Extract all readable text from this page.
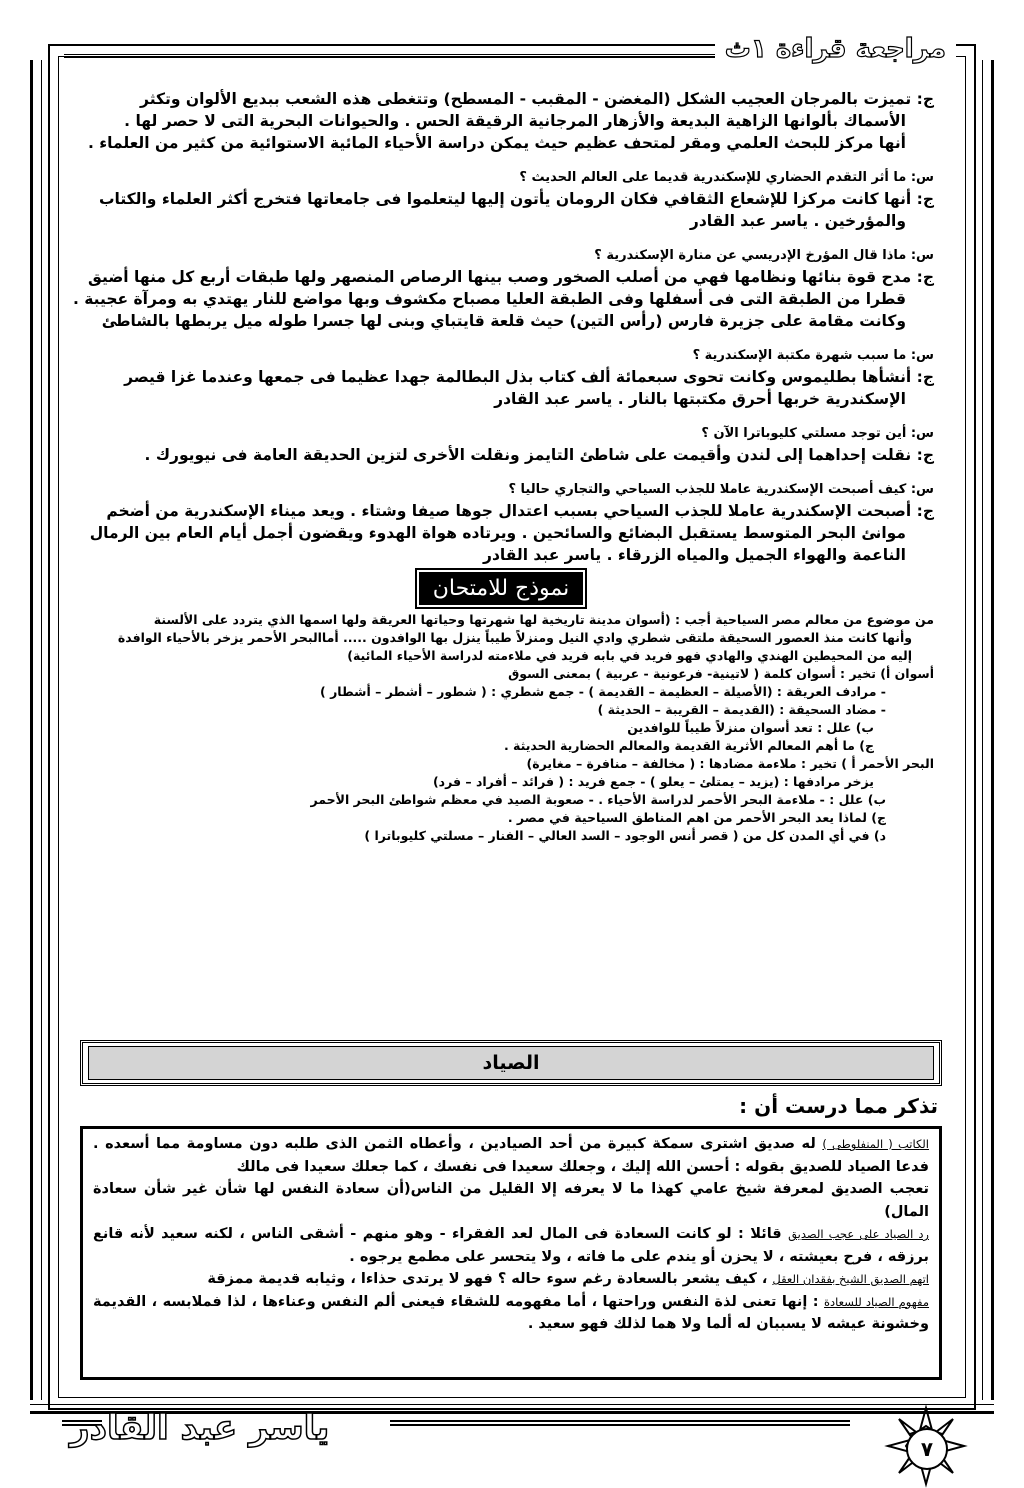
مراجعة قراءة ١ث

ج: تميزت بالمرجان العجيب الشكل (المغضن - المقبب - المسطح) وتتغطى هذه الشعب ببديع الألوان وتكثر

الأسماك بألوانها الزاهية البديعة والأزهار المرجانية الرقيقة الحس . والحيوانات البحرية التى لا حصر لها .

أنها مركز للبحث العلمي ومقر لمتحف عظيم حيث يمكن دراسة الأحياء المائية الاستوائية من كثير من العلماء .

س: ما أثر التقدم الحضاري للإسكندرية قديما على العالم الحديث ؟

ج: أنها كانت مركزا للإشعاع الثقافي فكان الرومان يأتون إليها ليتعلموا فى جامعاتها فتخرج أكثر العلماء والكتاب

والمؤرخين . ياسر عبد القادر

س: ماذا قال المؤرخ الإدريسي عن منارة الإسكندرية ؟

ج: مدح قوة بنائها ونظامها فهي من أصلب الصخور وصب بينها الرصاص المنصهر ولها طبقات أربع كل منها أضيق

قطرا من الطبقة التى فى أسفلها وفى الطبقة العليا مصباح مكشوف وبها مواضع للنار يهتدي به ومرآة عجيبة .

وكانت مقامة على جزيرة فارس (رأس التين) حيث قلعة قايتباي وبنى لها جسرا طوله ميل يربطها بالشاطئ

س: ما سبب شهرة مكتبة الإسكندرية ؟

ج: أنشأها بطليموس وكانت تحوى سبعمائة ألف كتاب بذل البطالمة جهدا عظيما فى جمعها وعندما غزا قيصر

الإسكندرية خربها أحرق مكتبتها بالنار . ياسر عبد القادر

س: أين توجد مسلتي كليوباترا الآن ؟

ج: نقلت إحداهما إلى لندن وأقيمت على شاطئ التايمز ونقلت الأخرى لتزين الحديقة العامة فى نيويورك .

س: كيف أصبحت الإسكندرية عاملا للجذب السياحي والتجاري حاليا ؟

ج: أصبحت الإسكندرية عاملا للجذب السياحي بسبب اعتدال جوها صيفا وشتاء . ويعد ميناء الإسكندرية من أضخم

موانئ البحر المتوسط يستقبل البضائع والسائحين . ويرتاده هواة الهدوء ويقضون أجمل أيام العام بين الرمال

الناعمة والهواء الجميل والمياه الزرقاء . ياسر عبد القادر

نموذج للامتحان

من موضوع من معالم مصر السياحية أجب : (أسوان مدينة تاريخية لها شهرتها وحياتها العريقة ولها اسمها الذي يتردد على الألسنة

وأنها كانت منذ العصور السحيقة ملتقى شطري وادي النيل ومنزلاً طيباً ينزل بها الوافدون ..... أماالبحر الأحمر يزخر بالأحياء الوافدة

إليه من المحيطين الهندي والهادي فهو فريد في بابه فريد في ملاءمته لدراسة الأحياء المائية)

أسوان أ) تخير : أسوان كلمة ( لاتينية- فرعونية - عربية ) بمعنى السوق

- مرادف العريقة : (الأصيلة – العظيمة – القديمة ) - جمع شطري : ( شطور – أشطر – أشطار )

- مضاد السحيقة : (القديمة – القريبة – الحديثة )

ب) علل : تعد أسوان منزلاً طيباً للوافدين

ج) ما أهم المعالم الأثرية القديمة والمعالم الحضارية الحديثة .

البحر الأحمر أ ) تخير : ملاءمة مضادها : ( مخالفة – منافرة – مغايرة)

يزخر مرادفها : (يزيد – يمتلئ – يعلو ) - جمع فريد : ( فرائد – أفراد – فرد)

ب) علل : - ملاءمة البحر الأحمر لدراسة الأحياء . - صعوبة الصيد في معظم شواطئ البحر الأحمر

ج) لماذا يعد البحر الأحمر من اهم المناطق السياحية في مصر .

د) في أي المدن كل من ( قصر أنس الوجود – السد العالي – الفنار – مسلتي كليوباترا )

الصياد
تذكر مما درست أن :

الكاتب ( المنفلوطى ) له صديق اشترى سمكة كبيرة من أحد الصيادين ، وأعطاه الثمن الذى طلبه دون مساومة مما أسعده . فدعا الصياد للصديق بقوله : أحسن الله إليك ، وجعلك سعيدا فى نفسك ، كما جعلك سعيدا فى مالك

تعجب الصديق لمعرفة شيخ عامي كهذا ما لا يعرفه إلا القليل من الناس(أن سعادة النفس لها شأن غير شأن سعادة المال)

رد الصياد على عجب الصديق قائلا : لو كانت السعادة فى المال لعد الفقراء - وهو منهم - أشقى الناس ، لكنه سعيد لأنه قانع برزقه ، فرح بعيشته ، لا يحزن أو يندم على ما فاته ، ولا يتحسر على مطمع يرجوه .

اتهم الصديق الشيخ بفقدان العقل ، كيف يشعر بالسعادة رغم سوء حاله ؟ فهو لا يرتدى حذاءا ، وثيابه قديمة ممزقة

مفهوم الصياد للسعادة : إنها تعنى لذة النفس وراحتها ، أما مفهومه للشقاء فيعنى ألم النفس وعناءها ، لذا فملابسه ، القديمة وخشونة عيشه لا يسببان له ألما ولا هما لذلك فهو سعيد .

ياسر عبد القادر
٧
